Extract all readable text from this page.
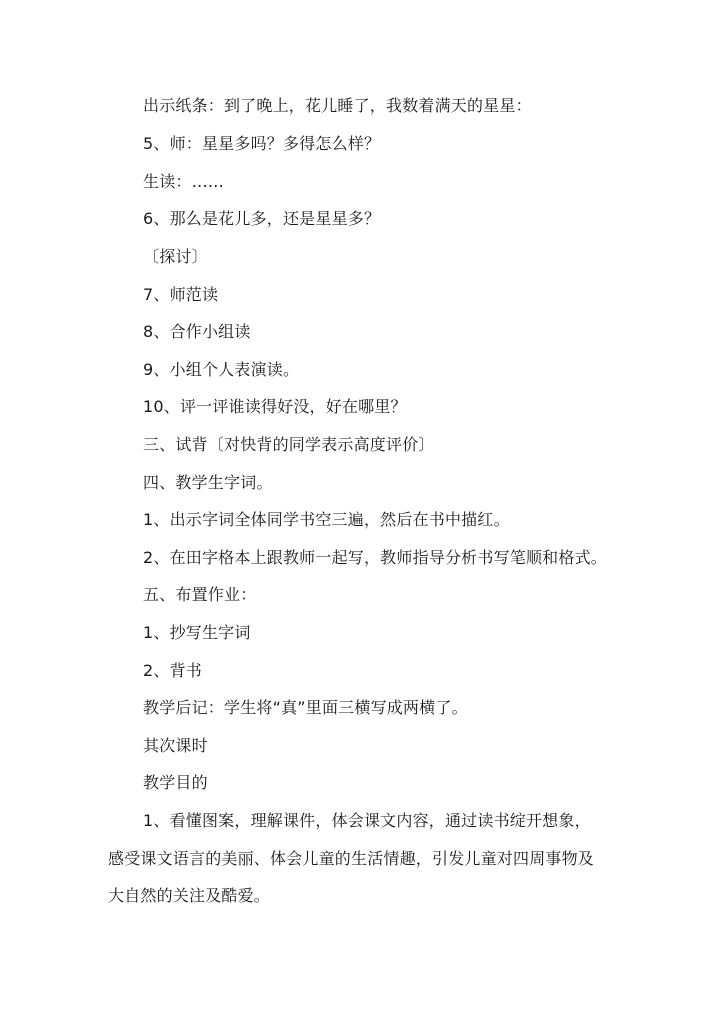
出示纸条：到了晚上，花儿睡了，我数着满天的星星：
5、师：星星多吗？多得怎么样？
生读：……
6、那么是花儿多，还是星星多？
〔探讨〕
7、师范读
8、合作小组读
9、小组个人表演读。
10、评一评谁读得好没，好在哪里？
三、试背〔对快背的同学表示高度评价〕
四、教学生字词。
1、出示字词全体同学书空三遍，然后在书中描红。
2、在田字格本上跟教师一起写，教师指导分析书写笔顺和格式。
五、布置作业：
1、抄写生字词
2、背书
教学后记：学生将“真”里面三横写成两横了。
其次课时
教学目的
1、看懂图案，理解课件，体会课文内容，通过读书绽开想象，
感受课文语言的美丽、体会儿童的生活情趣，引发儿童对四周事物及
大自然的关注及酷爱。
